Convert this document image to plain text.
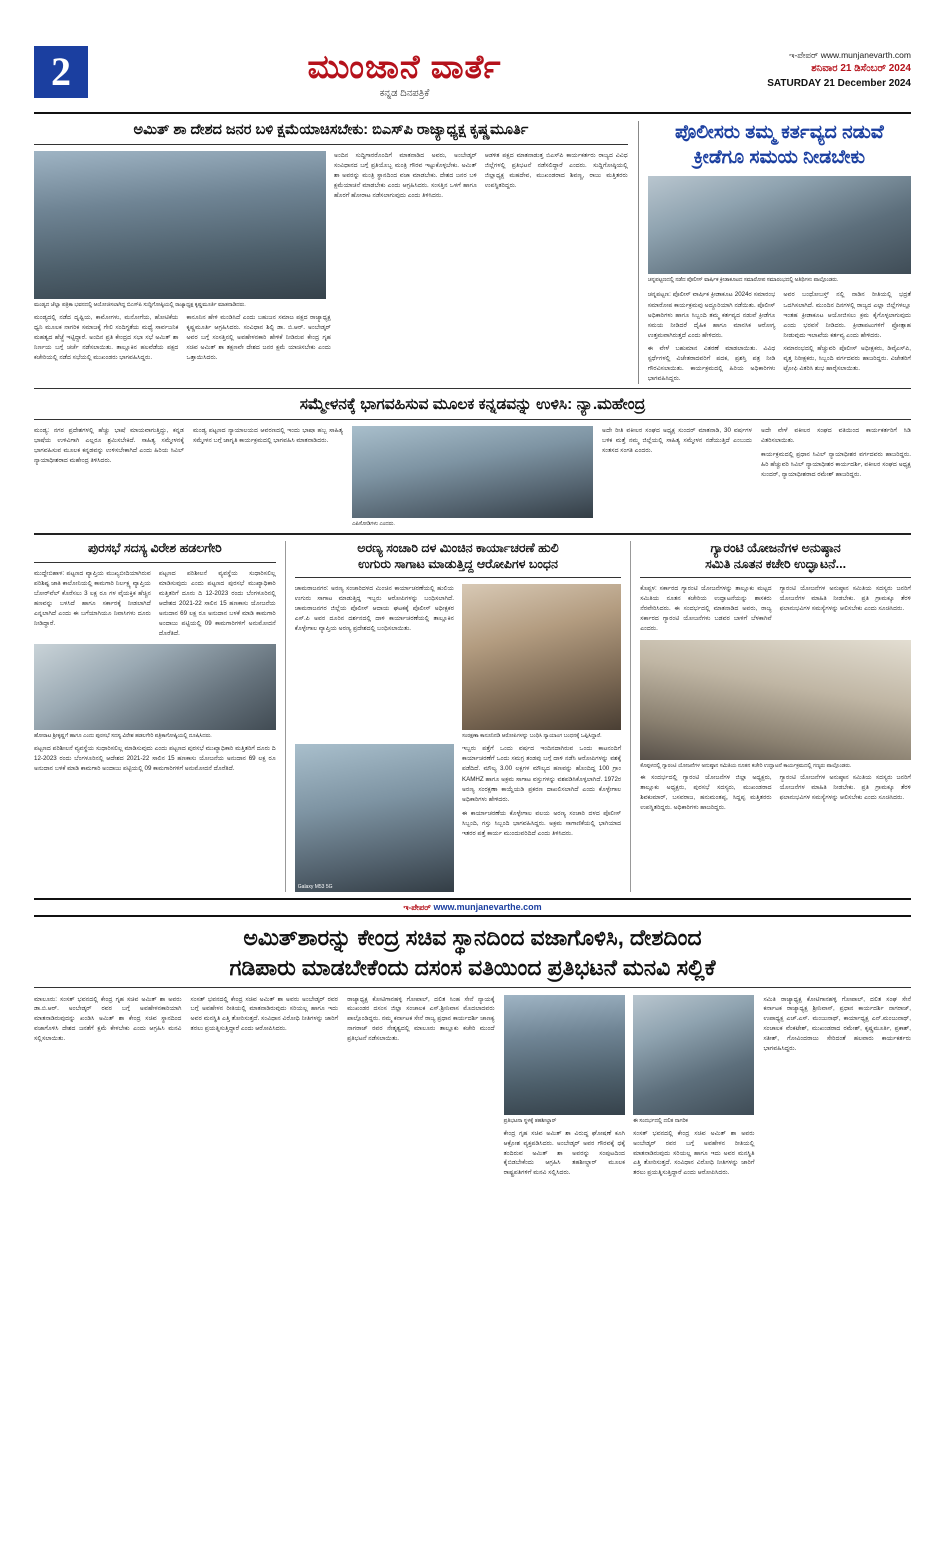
2	ಮುಂಜಾನೆ ವಾರ್ತೆ
ಕನ್ನಡ ದಿನಪತ್ರಿಕೆ
ಇ-ಪೇಪರ್ www.munjanevarth.com
ಶನಿವಾರ 21 ಡಿಸೆಂಬರ್ 2024
SATURDAY 21 December 2024
ಅಮಿತ್ ಶಾ ದೇಶದ ಜನರ ಬಳಿ ಕ್ಷಮೆಯಾಚಿಸಬೇಕು: ಬಿಎಸ್‌ಪಿ ರಾಜ್ಯಾಧ್ಯಕ್ಷ ಕೃಷ್ಣಮೂರ್ತಿ
ಮಂಡ್ಯದ ಜೆಲ್ಲಾ ಪತ್ರಿಕಾ ಭವನದಲ್ಲಿ ಆಯೋಜಿಸಲಾಗಿದ್ದ ಬಿಎಸ್‌ಪಿ ಸುದ್ದಿಗೋಷ್ಠಿಯಲ್ಲಿ ರಾಜ್ಯಾಧ್ಯಕ್ಷ ಕೃಷ್ಣಮೂರ್ತಿ ಮಾತನಾಡಿದರು.
ಅಂದಿನ ಸುದ್ದಿಗಾರರೊಂದಿಗೆ ಮಾತನಾಡಿದ ಅವರು, ಅಂಬೇಡ್ಕರ್ ಸಂವಿಧಾನದ ಬಗ್ಗೆ ಪ್ರತಿಯೊಬ್ಬ ಮಂತ್ರಿ ಗೌರವ ಇಟ್ಟುಕೊಳ್ಳಬೇಕು. ಅಮಿತ್ ಶಾ ಅವರನ್ನು ಮಂತ್ರಿ ಸ್ಥಾನದಿಂದ ವಜಾ ಮಾಡಬೇಕು. ದೇಶದ ಜನರ ಬಳಿ ಕ್ಷಮೆಯಾಚನೆ ಮಾಡಬೇಕು ಎಂದು ಆಗ್ರಹಿಸಿದರು. ಸಂಸತ್ತಿನ ಒಳಗೆ ಹಾಗೂ ಹೊರಗೆ ಹೋರಾಟ ನಡೆಸಲಾಗುವುದು ಎಂದು ತಿಳಿಸಿದರು.
ಆಡಳಿತ ಪಕ್ಷದ ಮಾತನಾಡುತ್ತ ಬಿಎಸ್‌ಪಿ ಕಾರ್ಯಕರ್ತರು ರಾಜ್ಯದ ವಿವಿಧ ಜಿಲ್ಲೆಗಳಲ್ಲಿ ಪ್ರತಿಭಟನೆ ನಡೆಸಲಿದ್ದಾರೆ ಎಂದರು. ಸುದ್ದಿಗೋಷ್ಠಿಯಲ್ಲಿ ಜಿಲ್ಲಾಧ್ಯಕ್ಷ ಮಹದೇವ, ಮುಖಂಡರಾದ ಶಿವಣ್ಣ, ರಾಜು ಮತ್ತಿತರರು ಉಪಸ್ಥಿತರಿದ್ದರು.
ಮಂಡ್ಯದಲ್ಲಿ ನಡೆದ ದೃಷ್ಟಿಯ, ಕಾಮೋಗಳು, ಮನೋಗೆಯ, ಹೋಟಿಕೆಯ ಧ್ವನಿ ಮೂಲಕ ನಾಗರಿಕ ಸಮಾಜಕ್ಕೆ ಗೇಲಿ ಸಂದಿಗ್ಧತೆಯ ಮಧ್ಯೆ ಸಾರ್ವಜನಿಕ ಮಹತ್ವದ ಹೆಜ್ಜೆ ಇಟ್ಟಿದ್ದಾರೆ. ಅಂದಿನ ಪ್ರತಿ ಕೇಂದ್ರದ ಸಭಾ ಸಭೆ ಅಮಿತ್ ಶಾ ನಿರ್ಣಯ ಬಗ್ಗೆ ಚರ್ಚೆ ನಡೆಸಲಾಯಿತು. ತಾಲ್ಲೂಕಿನ ಹಲವೆಡೆಯ ಪಕ್ಷದ ಕಚೇರಿಯಲ್ಲಿ ನಡೆದ ಸಭೆಯಲ್ಲಿ ಮುಖಂಡರು ಭಾಗವಹಿಸಿದ್ದರು.
ಕಾನೂನಿನ ಹೇಳಿ ಮಂಡಿಸಿದೆ ಎಂದು ಬಹುಜನ ಸಮಾಜ ಪಕ್ಷದ ರಾಜ್ಯಾಧ್ಯಕ್ಷ ಕೃಷ್ಣಮೂರ್ತಿ ಆಗ್ರಹಿಸಿದರು. ಸಂವಿಧಾನ ಶಿಲ್ಪಿ ಡಾ. ಬಿ.ಆರ್. ಅಂಬೇಡ್ಕರ್ ಅವರ ಬಗ್ಗೆ ಸಂಸತ್ತಿನಲ್ಲಿ ಅವಹೇಳನಕಾರಿ ಹೇಳಿಕೆ ನೀಡಿರುವ ಕೇಂದ್ರ ಗೃಹ ಸಚಿವ ಅಮಿತ್ ಶಾ ತಕ್ಷಣವೇ ದೇಶದ ಜನರ ಕ್ಷಮೆ ಯಾಚಿಸಬೇಕು ಎಂದು ಒತ್ತಾಯಿಸಿದರು.
ಪೊಲೀಸರು ತಮ್ಮ ಕರ್ತವ್ಯದ ನಡುವೆ
ಕ್ರೀಡೆಗೂ ಸಮಯ ನೀಡಬೇಕು
ಚನ್ನಪಟ್ಟಣದಲ್ಲಿ ನಡೆದ ಪೊಲೀಸ್ ವಾರ್ಷಿಕ ಕ್ರೀಡಾಕೂಟದ ಸಮಾರೋಪ ಸಮಾರಂಭದಲ್ಲಿ ಅತಿಥಿಗಳು ಪಾಲ್ಗೊಂಡರು.
ಚನ್ನಪಟ್ಟಣ: ಪೊಲೀಸ್ ವಾರ್ಷಿಕ ಕ್ರೀಡಾಕೂಟ 2024ರ ಸಮಾರಂಭ ಸಮಾರೋಪ ಕಾರ್ಯಕ್ರಮವು ಅದ್ದೂರಿಯಾಗಿ ನಡೆಯಿತು. ಪೊಲೀಸ್ ಅಧಿಕಾರಿಗಳು ಹಾಗೂ ಸಿಬ್ಬಂದಿ ತಮ್ಮ ಕರ್ತವ್ಯದ ನಡುವೆ ಕ್ರೀಡೆಗೂ ಸಮಯ ನೀಡಿದರೆ ದೈಹಿಕ ಹಾಗೂ ಮಾನಸಿಕ ಆರೋಗ್ಯ ಉತ್ತಮವಾಗಿರುತ್ತದೆ ಎಂದು ಹೇಳಿದರು.
ಅವರ ಬಂಧೋಬಸ್ತ್ ನಲ್ಲಿ ನಾಡಿನ ರೀತಿಯಲ್ಲಿ ಭದ್ರತೆ ಒದಗಿಸಲಾಗಿದೆ. ಮುಂದಿನ ದಿನಗಳಲ್ಲಿ ರಾಜ್ಯದ ಎಲ್ಲಾ ಜಿಲ್ಲೆಗಳಲ್ಲೂ ಇಂತಹ ಕ್ರೀಡಾಕೂಟ ಆಯೋಜಿಸಲು ಕ್ರಮ ಕೈಗೊಳ್ಳಲಾಗುವುದು ಎಂದು ಭರವಸೆ ನೀಡಿದರು. ಕ್ರೀಡಾಪಟುಗಳಿಗೆ ಪ್ರೋತ್ಸಾಹ ನೀಡುವುದು ಇಲಾಖೆಯ ಕರ್ತವ್ಯ ಎಂದು ಹೇಳಿದರು.
ಈ ವೇಳೆ ಬಹುಮಾನ ವಿತರಣೆ ಮಾಡಲಾಯಿತು. ವಿವಿಧ ಸ್ಪರ್ಧೆಗಳಲ್ಲಿ ವಿಜೇತರಾದವರಿಗೆ ಪದಕ, ಪ್ರಶಸ್ತಿ ಪತ್ರ ನೀಡಿ ಗೌರವಿಸಲಾಯಿತು. ಕಾರ್ಯಕ್ರಮದಲ್ಲಿ ಹಿರಿಯ ಅಧಿಕಾರಿಗಳು ಭಾಗವಹಿಸಿದ್ದರು.
ಸಮಾರಂಭದಲ್ಲಿ ಹೆಚ್ಚುವರಿ ಪೊಲೀಸ್ ಅಧೀಕ್ಷಕರು, ಡಿವೈಎಸ್‌ಪಿ, ವೃತ್ತ ನಿರೀಕ್ಷಕರು, ಸಿಬ್ಬಂದಿ ವರ್ಗದವರು ಹಾಜರಿದ್ದರು. ವಿಜೇತರಿಗೆ ಟ್ರೋಫಿ ವಿತರಿಸಿ ಶುಭ ಹಾರೈಸಲಾಯಿತು.
ಸಮ್ಮೇಳನಕ್ಕೆ ಭಾಗವಹಿಸುವ ಮೂಲಕ ಕನ್ನಡವನ್ನು ಉಳಿಸಿ: ನ್ಯಾ.ಮಹೇಂದ್ರ
ಮಂಡ್ಯ: ನಗರ ಪ್ರದೇಶಗಳಲ್ಲಿ ಹೆಚ್ಚು ಭಾಷೆ ಮಾಯವಾಗುತ್ತಿದ್ದು, ಕನ್ನಡ ಭಾಷೆಯ ಉಳಿವಿಗಾಗಿ ಎಲ್ಲರೂ ಶ್ರಮಿಸಬೇಕಿದೆ. ಸಾಹಿತ್ಯ ಸಮ್ಮೇಳನಕ್ಕೆ ಭಾಗವಹಿಸುವ ಮೂಲಕ ಕನ್ನಡವನ್ನು ಉಳಿಸಬೇಕಾಗಿದೆ ಎಂದು ಹಿರಿಯ ಸಿವಿಲ್ ನ್ಯಾಯಾಧೀಶರಾದ ಮಹೇಂದ್ರ ತಿಳಿಸಿದರು.
ಮಂಡ್ಯ ಪಟ್ಟಣದ ನ್ಯಾಯಾಲಯದ ಆವರಣದಲ್ಲಿ ಇಂದು ಭಾಷಾ ಹಬ್ಬ ಸಾಹಿತ್ಯ ಸಮ್ಮೇಳನ ಬಗ್ಗೆ ಜಾಗೃತಿ ಕಾರ್ಯಕ್ರಮದಲ್ಲಿ ಭಾಗವಹಿಸಿ ಮಾತನಾಡಿದರು.
ಎಪಿಸೋಡಿಗಳು ಎಂದರು.
ಅದೇ ರೀತಿ ವಕೀಲರ ಸಂಘದ ಅಧ್ಯಕ್ಷ ಸುಂದರ್ ಮಾತನಾಡಿ, 30 ವರ್ಷಗಳ ಬಳಿಕ ಮತ್ತೆ ನಮ್ಮ ಜಿಲ್ಲೆಯಲ್ಲಿ ಸಾಹಿತ್ಯ ಸಮ್ಮೇಳನ ನಡೆಯುತ್ತಿದೆ ಎಂಬುದು ಸಂತಸದ ಸಂಗತಿ ಎಂದರು.
ಅದೇ ವೇಳೆ ವಕೀಲರ ಸಂಘದ ವತಿಯಿಂದ ಕಾರ್ಯಕರ್ತರಿಗೆ ಸಿಡಿ ವಿತರಿಸಲಾಯಿತು.
ಕಾರ್ಯಕ್ರಮದಲ್ಲಿ ಪ್ರಧಾನ ಸಿವಿಲ್ ನ್ಯಾಯಾಧೀಶರ ವರ್ಗದವರು ಹಾಜರಿದ್ದರು. ಹಿರಿ ಹೆಚ್ಚುವರಿ ಸಿವಿಲ್ ನ್ಯಾಯಾಧೀಶರ ಕಾರ್ಯದರ್ಶಿ, ವಕೀಲರ ಸಂಘದ ಅಧ್ಯಕ್ಷ ಸುಂದರ್, ನ್ಯಾಯಾಧೀಶರಾದ ರಮೇಶ್ ಹಾಜರಿದ್ದರು.
ಪುರಸಭೆ ಸದಸ್ಯ ವಿರೇಶ ಹಡಲಗೇರಿ
ಮುದ್ದೇಬಿಹಾಳ: ಪಟ್ಟಣದ ವ್ಯಾಪ್ತಿಯ ಮುಖ್ಯಬೀದಿಯಾಗಿರುವ ಪರಿಶಿಷ್ಟ ಜಾತಿ ಕಾಲೋನಿಯಲ್ಲಿ ಕಾಮಗಾರಿ ನಿರ್ಲಕ್ಷ್ಯ ವ್ಯಾಪ್ತಿಯ ಬೋರ್‌ವೆಲ್ ಕೊರೆಸಲು 3 ಲಕ್ಷ ರೂ ಗಳ ವೈಯಕ್ತಿಕ ಹೆಚ್ಚಿನ ಹಣವನ್ನು ಬಳಸಿದೆ ಹಾಗೂ ಸರ್ಕಾರಕ್ಕೆ ನೀಡಲಾಗಿದೆ ಎನ್ನಲಾಗಿದೆ ಎಂದು ಈ ಬಗೆಯಾಗಿಯೂ ನಿವಾಸಿಗಳು ದೂರು ನೀಡಿದ್ದಾರೆ.
ಪಟ್ಟಣದ ಪರಿಶೀಲನೆ ವ್ಯವಸ್ಥೆಯ ಸುಧಾರಿಸಲಿಲ್ಲ ಮಾಡಿಸುವುದು ಎಂದು ಪಟ್ಟಣದ ಪುರಸಭೆ ಮುಖ್ಯಾಧಿಕಾರಿ ಮತ್ತಿತರಿಗೆ ದೂರು ದಿ 12-2023 ರಂದು ಬೆಂಗಳೂರಿನಲ್ಲಿ ಆದೇಶದ 2021-22 ಸಾಲಿನ 15 ಹಣಕಾಸು ಯೋಜನೆಯ ಅನುದಾನ 69 ಲಕ್ಷ ರೂ ಅನುದಾನ ಬಳಕೆ ಮಾಡಿ ಕಾಮಗಾರಿ ಅಂದಾಜು ಪಟ್ಟಿಯಲ್ಲಿ 09 ಕಾಮಗಾರಿಗಳಿಗೆ ಅನುಮೋದನೆ ದೊರೆತಿದೆ.
ಹೋರಾಟ ಶ್ರೀಕೃಷ್ಣಗೆ ಹಾಗೂ ಎಂದು ಪುರಸಭೆ ಸದಸ್ಯ ವಿರೇಶ ಹಡಲಗೇರಿ ಪತ್ರಿಕಾಗೋಷ್ಠಿಯಲ್ಲಿ ದೂಷಿಸಿದರು.
ಪಟ್ಟಣದ ಪರಿಶೀಲನೆ ವ್ಯವಸ್ಥೆಯ ಸುಧಾರಿಸಲಿಲ್ಲ ಮಾಡಿಸುವುದು ಎಂದು ಪಟ್ಟಣದ ಪುರಸಭೆ ಮುಖ್ಯಾಧಿಕಾರಿ ಮತ್ತಿತರಿಗೆ ದೂರು ದಿ 12-2023 ರಂದು ಬೆಂಗಳೂರಿನಲ್ಲಿ ಆದೇಶದ 2021-22 ಸಾಲಿನ 15 ಹಣಕಾಸು ಯೋಜನೆಯ ಅನುದಾನ 69 ಲಕ್ಷ ರೂ ಅನುದಾನ ಬಳಕೆ ಮಾಡಿ ಕಾಮಗಾರಿ ಅಂದಾಜು ಪಟ್ಟಿಯಲ್ಲಿ 09 ಕಾಮಗಾರಿಗಳಿಗೆ ಅನುಮೋದನೆ ದೊರೆತಿದೆ.
ಅರಣ್ಯ ಸಂಚಾರಿ ದಳ ಮಿಂಚಿನ ಕಾರ್ಯಾಚರಣೆ ಹುಲಿ
ಉಗುರು ಸಾಗಾಟ ಮಾಡುತ್ತಿದ್ದ ಆರೋಪಿಗಳ ಬಂಧನ
ಚಾಮರಾಜನಗರ: ಅರಣ್ಯ ಸಂಚಾರಿದಳದ ಮಿಂಚಿನ ಕಾರ್ಯಾಚರಣೆಯಲ್ಲಿ ಹುಲಿಯ ಉಗುರು ಸಾಗಾಟ ಮಾಡುತ್ತಿದ್ದ ಇಬ್ಬರು ಆರೋಪಿಗಳನ್ನು ಬಂಧಿಸಲಾಗಿದೆ. ಚಾಮರಾಜನಗರ ಜಿಲ್ಲೆಯ ಪೊಲೀಸ್ ಆದಾಯ ಘಟಕಕ್ಕೆ ಪೊಲೀಸ್ ಅಧೀಕ್ಷಕರ ಎಸ್.ಪಿ ಅವರ ದೂರಿನ ದರ್ಶನದಲ್ಲಿ ದಾಳಿ ಕಾರ್ಯಾಚರಣೆಯಲ್ಲಿ ತಾಲ್ಲೂಕಿನ ಕೊಳ್ಳೇಗಾಲ ವ್ಯಾಪ್ತಿಯ ಅರಣ್ಯ ಪ್ರದೇಶದಲ್ಲಿ ಬಂಧಿಸಲಾಯಿತು.
ಸಂರಕ್ಷಣಾ ಕಾನೂನಿನಡಿ ಆರೋಪಿಗಳನ್ನು ಬಂಧಿಸಿ ನ್ಯಾಯಾಂಗ ಬಂಧನಕ್ಕೆ ಒಪ್ಪಿಸಿದ್ದಾರೆ.
Galaxy M53 5G
ಇಬ್ಬರು ಪತ್ತೆಗೆ ಒಂದು ವರ್ಷದ ಇಂದಿನದಾಗಿರುವ ಒಂದು ಕಾಟನಂದಿಗೆ ಕಾರ್ಯಾಚರಣೆಗೆ ಒಂದು ಸಮಗ್ರ ತಂಡವು ಬಗ್ಗೆ ದಾಳಿ ನಡೆಸಿ ಆರೋಪಿಗಳನ್ನು ವಶಕ್ಕೆ ಪಡೆದಿದೆ. ಮೌಲ್ಯ 3.00 ಲಕ್ಷಗಳ ಮೌಲ್ಯದ ಹಣವನ್ನು ಹೊಂದಿದ್ದ 100 ಗ್ರಾಂ KAMHZ ಹಾಗೂ ಅಕ್ರಮ ಸಾಗಾಟ ವಸ್ತುಗಳನ್ನು ವಶಪಡಿಸಿಕೊಳ್ಳಲಾಗಿದೆ. 1972ರ ಅರಣ್ಯ ಸಂರಕ್ಷಣಾ ಕಾಯ್ದೆಯಡಿ ಪ್ರಕರಣ ದಾಖಲಿಸಲಾಗಿದೆ ಎಂದು ಕೊಳ್ಳೇಗಾಲ ಅಧಿಕಾರಿಗಳು ಹೇಳಿದರು.
ಈ ಕಾರ್ಯಾಚರಣೆಯ ಕೊಳ್ಳೇಗಾಲ ವಲಯ ಅರಣ್ಯ ಸಂಚಾರಿ ದಳದ ಪೊಲೀಸ್ ಸಿಬ್ಬಂದಿ, ಗಸ್ತು ಸಿಬ್ಬಂದಿ ಭಾಗವಹಿಸಿದ್ದರು. ಅಕ್ರಮ ಸಾಗಾಣಿಕೆಯಲ್ಲಿ ಭಾಗಿಯಾದ ಇತರರ ಪತ್ತೆ ಕಾರ್ಯ ಮುಂದುವರಿದಿದೆ ಎಂದು ತಿಳಿಸಿದರು.
ಗ್ಯಾರಂಟಿ ಯೋಜನೆಗಳ ಅನುಷ್ಠಾನ
ಸಮಿತಿ ನೂತನ ಕಚೇರಿ ಉದ್ಘಾಟನೆ...
ಕೊಪ್ಪಳ: ಸರ್ಕಾರದ ಗ್ಯಾರಂಟಿ ಯೋಜನೆಗಳನ್ನು ತಾಲ್ಲೂಕು ಮಟ್ಟದ ಸಮಿತಿಯ ನೂತನ ಕಚೇರಿಯ ಉದ್ಘಾಟನೆಯನ್ನು ಶಾಸಕರು ನೆರವೇರಿಸಿದರು. ಈ ಸಂದರ್ಭದಲ್ಲಿ ಮಾತನಾಡಿದ ಅವರು, ರಾಜ್ಯ ಸರ್ಕಾರದ ಗ್ಯಾರಂಟಿ ಯೋಜನೆಗಳು ಬಡವರ ಬಾಳಿಗೆ ಬೆಳಕಾಗಿವೆ ಎಂದರು.
ಗ್ಯಾರಂಟಿ ಯೋಜನೆಗಳ ಅನುಷ್ಠಾನ ಸಮಿತಿಯ ಸದಸ್ಯರು ಜನರಿಗೆ ಯೋಜನೆಗಳ ಮಾಹಿತಿ ನೀಡಬೇಕು. ಪ್ರತಿ ಗ್ರಾಮಕ್ಕೂ ತೆರಳಿ ಫಲಾನುಭವಿಗಳ ಸಮಸ್ಯೆಗಳನ್ನು ಆಲಿಸಬೇಕು ಎಂದು ಸೂಚಿಸಿದರು.
ಕೊಪ್ಪಳದಲ್ಲಿ ಗ್ಯಾರಂಟಿ ಯೋಜನೆಗಳ ಅನುಷ್ಠಾನ ಸಮಿತಿಯ ನೂತನ ಕಚೇರಿ ಉದ್ಘಾಟನೆ ಕಾರ್ಯಕ್ರಮದಲ್ಲಿ ಗಣ್ಯರು ಪಾಲ್ಗೊಂಡರು.
ಈ ಸಂದರ್ಭದಲ್ಲಿ ಗ್ಯಾರಂಟಿ ಯೋಜನೆಗಳ ಜಿಲ್ಲಾ ಅಧ್ಯಕ್ಷರು, ತಾಲ್ಲೂಕು ಅಧ್ಯಕ್ಷರು, ಪುರಸಭೆ ಸದಸ್ಯರು, ಮುಖಂಡರಾದ ಶಿವಕುಮಾರ್, ಬಸವರಾಜ, ಹನುಮಂತಪ್ಪ, ಸಿದ್ದಪ್ಪ ಮತ್ತಿತರರು ಉಪಸ್ಥಿತರಿದ್ದರು. ಅಧಿಕಾರಿಗಳು ಹಾಜರಿದ್ದರು.
ಗ್ಯಾರಂಟಿ ಯೋಜನೆಗಳ ಅನುಷ್ಠಾನ ಸಮಿತಿಯ ಸದಸ್ಯರು ಜನರಿಗೆ ಯೋಜನೆಗಳ ಮಾಹಿತಿ ನೀಡಬೇಕು. ಪ್ರತಿ ಗ್ರಾಮಕ್ಕೂ ತೆರಳಿ ಫಲಾನುಭವಿಗಳ ಸಮಸ್ಯೆಗಳನ್ನು ಆಲಿಸಬೇಕು ಎಂದು ಸೂಚಿಸಿದರು.
ಇ-ಪೇಪರ್ www.munjanevarthe.com
ಅಮಿತ್‌ಶಾರನ್ನು ಕೇಂದ್ರ ಸಚಿವ ಸ್ಥಾನದಿಂದ ವಜಾಗೊಳಿಸಿ, ದೇಶದಿಂದ
ಗಡಿಪಾರು ಮಾಡಬೇಕೆಂದು ದಸಂಸ ವತಿಯಿಂದ ಪ್ರತಿಭಟನೆ ಮನವಿ ಸಲ್ಲಿಕೆ
ಮಾಲೂರು: ಸಂಸತ್ ಭವನದಲ್ಲಿ ಕೇಂದ್ರ ಗೃಹ ಸಚಿವ ಅಮಿತ್ ಶಾ ಅವರು ಡಾ.ಬಿ.ಆರ್. ಅಂಬೇಡ್ಕರ್ ರವರ ಬಗ್ಗೆ ಅವಹೇಳನಕಾರಿಯಾಗಿ ಮಾತನಾಡಿರುವುದನ್ನು ಖಂಡಿಸಿ ಅಮಿತ್ ಶಾ ಕೇಂದ್ರ ಸಚಿವ ಸ್ಥಾನದಿಂದ ವಜಾಗೊಳಿಸಿ ದೇಶದ ಜನತೆಗೆ ಕ್ಷಮೆ ಕೇಳಬೇಕು ಎಂದು ಆಗ್ರಹಿಸಿ ಮನವಿ ಸಲ್ಲಿಸಲಾಯಿತು.
ಸಂಸತ್ ಭವನದಲ್ಲಿ ಕೇಂದ್ರ ಸಚಿವ ಅಮಿತ್ ಶಾ ಅವರು ಅಂಬೇಡ್ಕರ್ ರವರ ಬಗ್ಗೆ ಅವಹೇಳನ ರೀತಿಯಲ್ಲಿ ಮಾತನಾಡಿರುವುದು ಸರಿಯಲ್ಲ ಹಾಗೂ ಇದು ಅವರ ಮನಸ್ಥಿತಿ ಎತ್ತಿ ತೋರಿಸುತ್ತದೆ. ಸಂವಿಧಾನ ವಿರೋಧಿ ನೀತಿಗಳನ್ನು ಜಾರಿಗೆ ತರಲು ಪ್ರಯತ್ನಿಸುತ್ತಿದ್ದಾರೆ ಎಂದು ಆರೋಪಿಸಿದರು.
ರಾಜ್ಯಾಧ್ಯಕ್ಷ ಕೋಟಿಗಾನಹಳ್ಳಿ ಗೋಪಾಲ್, ದಲಿತ ಸಿಂಹ ಸೇನೆ ನ್ಯಾಯಕ್ಕೆ ಮುಖಂಡರ ದಸಂಸ ಜಿಲ್ಲಾ ಸಂಚಾಲಕ ಎಸ್.ಶ್ರೀನಿವಾಸ ಮೊದಲಾದವರು ಪಾಲ್ಗೊಂಡಿದ್ದರು. ನಮ್ಮ ಕರ್ನಾಟಕ ಸೇನೆ ರಾಜ್ಯ ಪ್ರಧಾನ ಕಾರ್ಯದರ್ಶಿ ಚಾಣಕ್ಯ ನಾಗರಾಜ್ ರವರ ನೇತೃತ್ವದಲ್ಲಿ ಮಾಲೂರು ತಾಲ್ಲೂಕು ಕಚೇರಿ ಮುಂದೆ ಪ್ರತಿಭಟನೆ ನಡೆಸಲಾಯಿತು.
ಪ್ರತಿಭಟನಾ ಸ್ಥಳಕ್ಕೆ ತಹಶೀಲ್ದಾರ್	ಈ ಸಂದರ್ಭದಲ್ಲಿ ದಲಿತ ನಾಗರಿಕ
ಕೇಂದ್ರ ಗೃಹ ಸಚಿವ ಅಮಿತ್ ಶಾ ವಿರುದ್ಧ ಘೋಷಣೆ ಕೂಗಿ ಆಕ್ರೋಶ ವ್ಯಕ್ತಪಡಿಸಿದರು. ಅಂಬೇಡ್ಕರ್ ಅವರ ಗೌರವಕ್ಕೆ ಧಕ್ಕೆ ತಂದಿರುವ ಅಮಿತ್ ಶಾ ಅವರನ್ನು ಸಂಪುಟದಿಂದ ಕೈಬಿಡಬೇಕೆಂದು ಆಗ್ರಹಿಸಿ ತಹಶೀಲ್ದಾರ್ ಮೂಲಕ ರಾಷ್ಟ್ರಪತಿಗಳಿಗೆ ಮನವಿ ಸಲ್ಲಿಸಿದರು.
ಸಂಸತ್ ಭವನದಲ್ಲಿ ಕೇಂದ್ರ ಸಚಿವ ಅಮಿತ್ ಶಾ ಅವರು ಅಂಬೇಡ್ಕರ್ ರವರ ಬಗ್ಗೆ ಅವಹೇಳನ ರೀತಿಯಲ್ಲಿ ಮಾತನಾಡಿರುವುದು ಸರಿಯಲ್ಲ ಹಾಗೂ ಇದು ಅವರ ಮನಸ್ಥಿತಿ ಎತ್ತಿ ತೋರಿಸುತ್ತದೆ. ಸಂವಿಧಾನ ವಿರೋಧಿ ನೀತಿಗಳನ್ನು ಜಾರಿಗೆ ತರಲು ಪ್ರಯತ್ನಿಸುತ್ತಿದ್ದಾರೆ ಎಂದು ಆರೋಪಿಸಿದರು.
ಸಮಿತಿ ರಾಜ್ಯಾಧ್ಯಕ್ಷ ಕೋಟಿಗಾನಹಳ್ಳಿ ಗೋಪಾಲ್, ದಲಿತ ಸಂಘ ಸೇನೆ ಕರ್ನಾಟಕ ರಾಜ್ಯಾಧ್ಯಕ್ಷ ಶ್ರೀನಿವಾಸ್, ಪ್ರಧಾನ ಕಾರ್ಯದರ್ಶಿ ನಾಗರಾಜ್, ಉಪಾಧ್ಯಕ್ಷ ಎಚ್.ಎಸ್. ಮಂಜುನಾಥ್, ಕಾರ್ಯಾಧ್ಯಕ್ಷ ಎನ್.ಮಂಜುನಾಥ್, ಸಂಚಾಲಕ ವೆಂಕಟೇಶ್, ಮುಖಂಡರಾದ ರಮೇಶ್, ಕೃಷ್ಣಮೂರ್ತಿ, ಪ್ರಕಾಶ್, ಸತೀಶ್, ಗೋವಿಂದರಾಜು ಸೇರಿದಂತೆ ಹಲವಾರು ಕಾರ್ಯಕರ್ತರು ಭಾಗವಹಿಸಿದ್ದರು.
